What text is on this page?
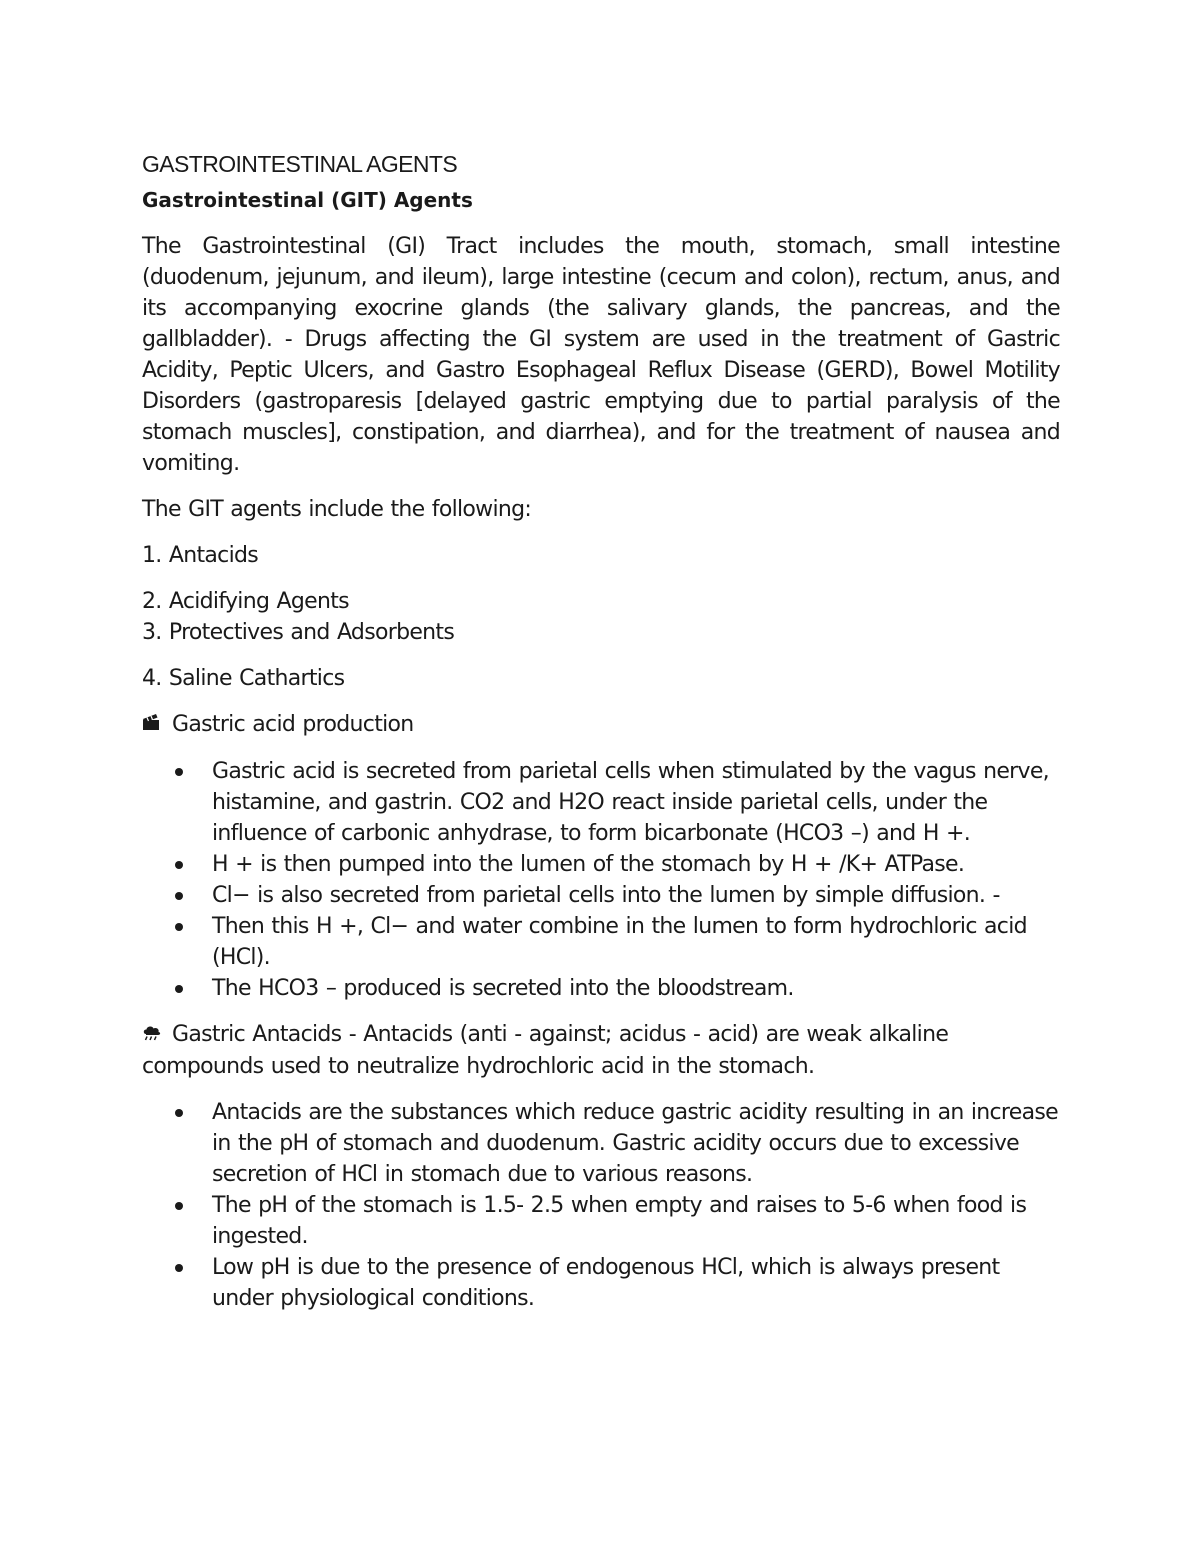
GASTROINTESTINAL AGENTS
Gastrointestinal (GIT) Agents

The Gastrointestinal (GI) Tract includes the mouth, stomach, small intestine (duodenum, jejunum, and ileum), large intestine (cecum and colon), rectum, anus, and its accompanying exocrine glands (the salivary glands, the pancreas, and the gallbladder). - Drugs affecting the GI system are used in the treatment of Gastric Acidity, Peptic Ulcers, and Gastro Esophageal Reflux Disease (GERD), Bowel Motility Disorders (gastroparesis [delayed gastric emptying due to partial paralysis of the stomach muscles], constipation, and diarrhea), and for the treatment of nausea and vomiting.

The GIT agents include the following:

1. Antacids

2. Acidifying Agents

3. Protectives and Adsorbents

4. Saline Cathartics

Gastric acid production

Gastric acid is secreted from parietal cells when stimulated by the vagus nerve, histamine, and gastrin. CO2 and H2O react inside parietal cells, under the influence of carbonic anhydrase, to form bicarbonate (HCO3 –) and H +.
H + is then pumped into the lumen of the stomach by H + /K+ ATPase.
Cl− is also secreted from parietal cells into the lumen by simple diffusion. -
Then this H +, Cl− and water combine in the lumen to form hydrochloric acid (HCl).
The HCO3 – produced is secreted into the bloodstream.

Gastric Antacids - Antacids (anti - against; acidus - acid) are weak alkaline compounds used to neutralize hydrochloric acid in the stomach.

Antacids are the substances which reduce gastric acidity resulting in an increase in the pH of stomach and duodenum. Gastric acidity occurs due to excessive secretion of HCl in stomach due to various reasons.
The pH of the stomach is 1.5- 2.5 when empty and raises to 5-6 when food is ingested.
Low pH is due to the presence of endogenous HCl, which is always present under physiological conditions.
